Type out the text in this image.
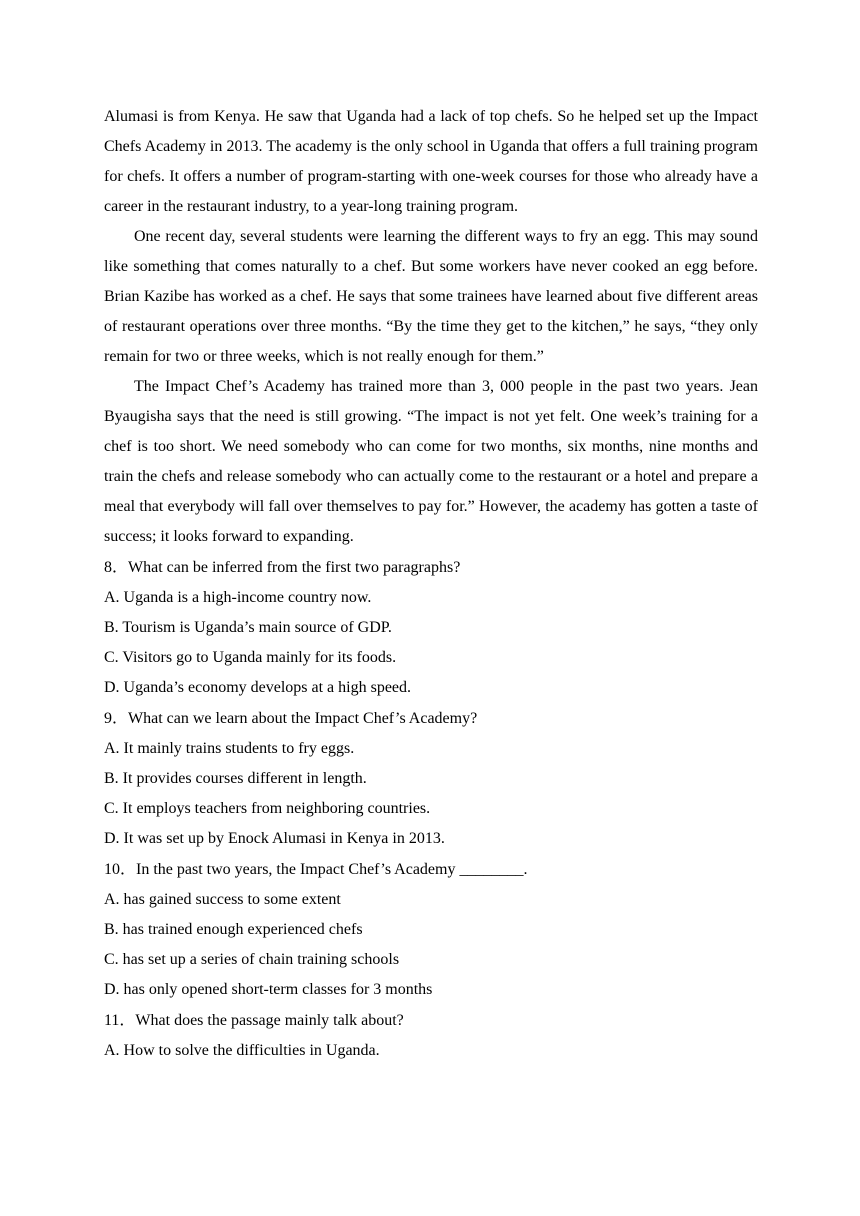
Alumasi is from Kenya. He saw that Uganda had a lack of top chefs. So he helped set up the Impact Chefs Academy in 2013. The academy is the only school in Uganda that offers a full training program for chefs. It offers a number of program-starting with one-week courses for those who already have a career in the restaurant industry, to a year-long training program.

One recent day, several students were learning the different ways to fry an egg. This may sound like something that comes naturally to a chef. But some workers have never cooked an egg before. Brian Kazibe has worked as a chef. He says that some trainees have learned about five different areas of restaurant operations over three months. “By the time they get to the kitchen,” he says, “they only remain for two or three weeks, which is not really enough for them.”

The Impact Chef’s Academy has trained more than 3, 000 people in the past two years. Jean Byaugisha says that the need is still growing. “The impact is not yet felt. One week’s training for a chef is too short. We need somebody who can come for two months, six months, nine months and train the chefs and release somebody who can actually come to the restaurant or a hotel and prepare a meal that everybody will fall over themselves to pay for.” However, the academy has gotten a taste of success; it looks forward to expanding.

8．What can be inferred from the first two paragraphs?

A. Uganda is a high-income country now.

B. Tourism is Uganda’s main source of GDP.

C. Visitors go to Uganda mainly for its foods.

D. Uganda’s economy develops at a high speed.

9．What can we learn about the Impact Chef’s Academy?

A. It mainly trains students to fry eggs.

B. It provides courses different in length.

C. It employs teachers from neighboring countries.

D. It was set up by Enock Alumasi in Kenya in 2013.

10．In the past two years, the Impact Chef’s Academy ________.

A. has gained success to some extent

B. has trained enough experienced chefs

C. has set up a series of chain training schools

D. has only opened short-term classes for 3 months

11．What does the passage mainly talk about?

A. How to solve the difficulties in Uganda.
